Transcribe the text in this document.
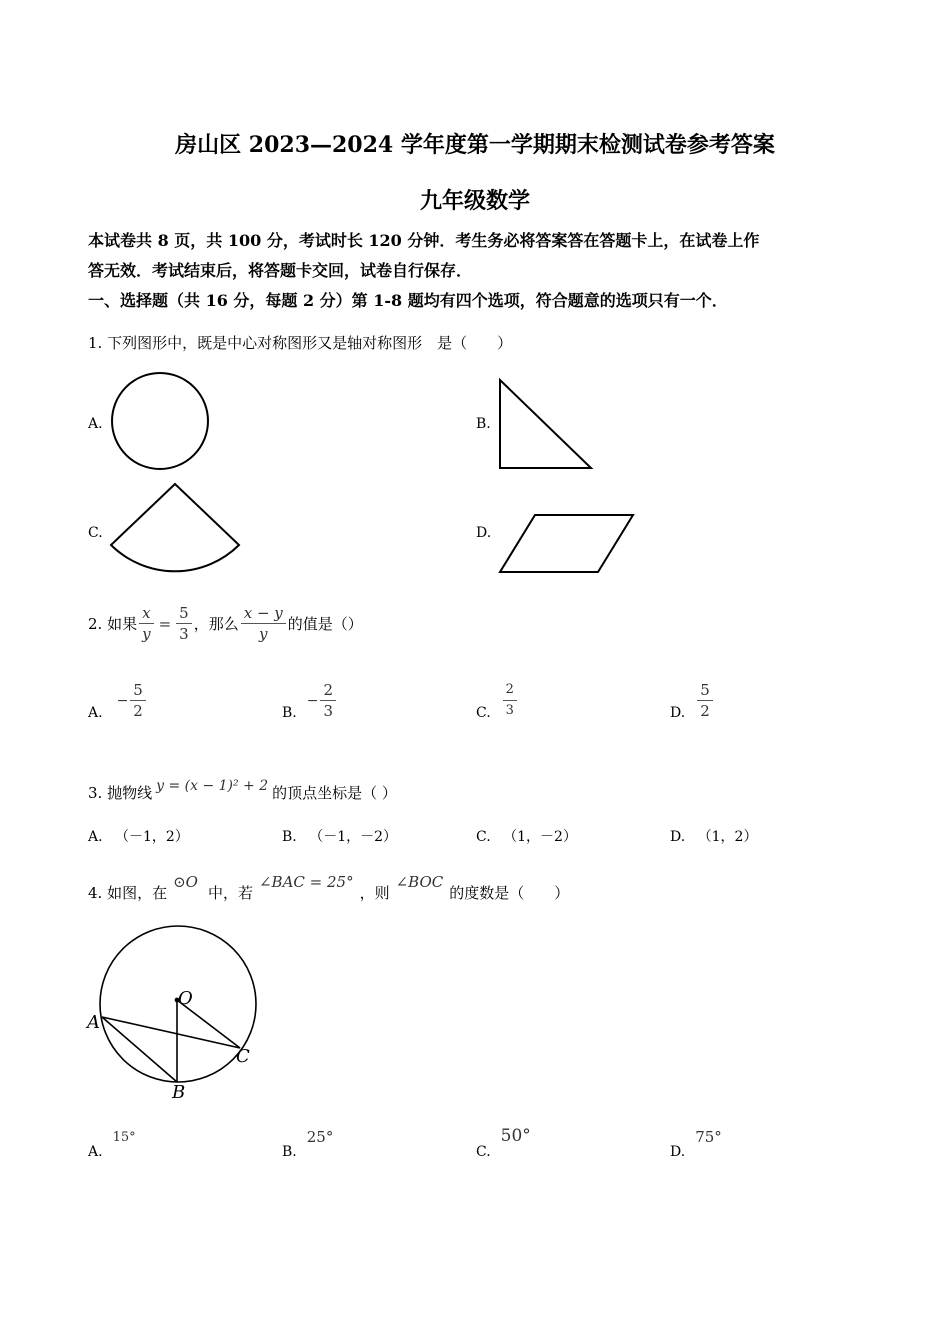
房山区 2023—2024 学年度第一学期期末检测试卷参考答案
九年级数学
本试卷共 8 页，共 100 分，考试时长 120 分钟．考生务必将答案答在答题卡上，在试卷上作
答无效．考试结束后，将答题卡交回，试卷自行保存．
一、选择题（共 16 分，每题 2 分）第 1-8 题均有四个选项，符合题意的选项只有一个．
1. 下列图形中，既是中心对称图形又是轴对称图形　是（　　）
A.	B.
C.	D.
2. 如果 $\frac{x}{y} = \frac{5}{3}$ ，那么 $\frac{x - y}{y}$ 的值是（）
A.
− $\frac{5}{2}$	B.
− $\frac{2}{3}$	C. $\frac{2}{3}$	D. $\frac{5}{2}$
3. 抛物线 y = (x − 1)² + 2 的顶点坐标是（ ）
A. （－1，2）	B. （－1，－2）	C. （1，－2）	D. （1，2）
4. 如图，在
⊙O
中，若
∠BAC = 25°
，则
∠BOC
的度数是（　　）
O
A
B
C
A.
15°
B.
25°
C.
50°
D.
75°
